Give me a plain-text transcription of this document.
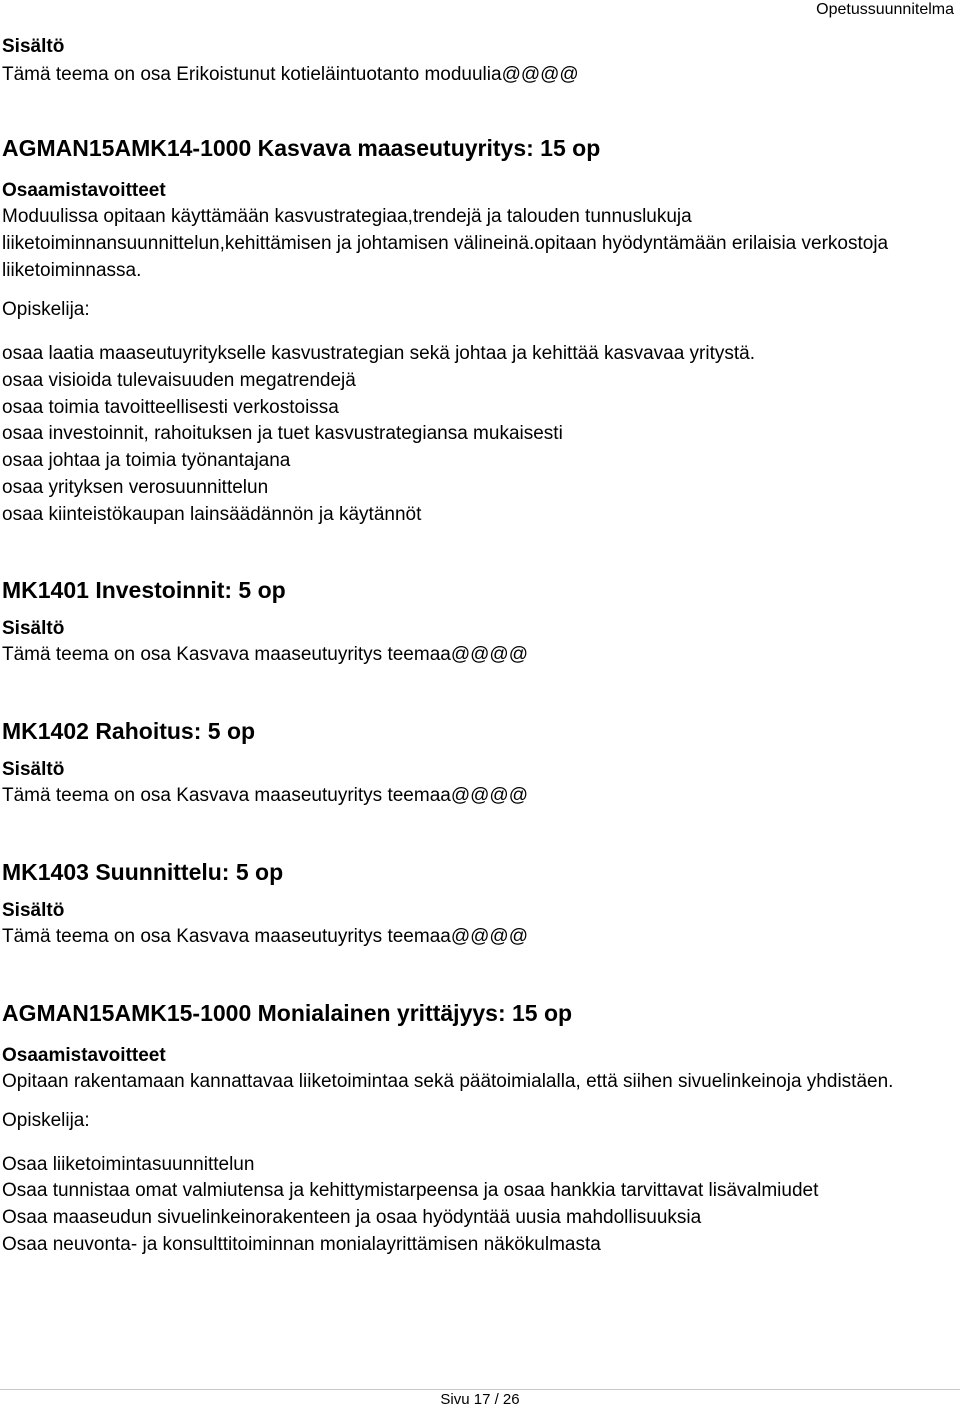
Opetussuunnitelma

Sisältö

Tämä teema on osa Erikoistunut kotieläintuotanto moduulia@@@@

AGMAN15AMK14-1000 Kasvava maaseutuyritys: 15 op

Osaamistavoitteet

Moduulissa opitaan käyttämään kasvustrategiaa,trendejä ja talouden tunnuslukuja liiketoiminnansuunnittelun,kehittämisen ja johtamisen välineinä.opitaan hyödyntämään erilaisia verkostoja liiketoiminnassa.

Opiskelija:

osaa laatia maaseutuyritykselle kasvustrategian sekä johtaa ja kehittää kasvavaa yritystä.
osaa visioida tulevaisuuden megatrendejä
osaa toimia tavoitteellisesti verkostoissa
osaa investoinnit, rahoituksen ja tuet kasvustrategiansa mukaisesti
osaa johtaa ja toimia työnantajana
osaa yrityksen verosuunnittelun
osaa kiinteistökaupan lainsäädännön ja käytännöt

MK1401 Investoinnit: 5 op

Sisältö

Tämä teema on osa Kasvava maaseutuyritys teemaa@@@@

MK1402 Rahoitus: 5 op

Sisältö

Tämä teema on osa Kasvava maaseutuyritys teemaa@@@@

MK1403 Suunnittelu: 5 op

Sisältö

Tämä teema on osa Kasvava maaseutuyritys teemaa@@@@

AGMAN15AMK15-1000 Monialainen yrittäjyys: 15 op

Osaamistavoitteet

Opitaan rakentamaan kannattavaa liiketoimintaa sekä päätoimialalla, että siihen sivuelinkeinoja yhdistäen.

Opiskelija:

Osaa liiketoimintasuunnittelun
Osaa tunnistaa omat valmiutensa ja kehittymistarpeensa ja osaa hankkia tarvittavat lisävalmiudet
Osaa maaseudun sivuelinkeinorakenteen ja osaa hyödyntää uusia mahdollisuuksia
Osaa neuvonta- ja konsulttitoiminnan monialayrittämisen näkökulmasta
Sivu 17 / 26
